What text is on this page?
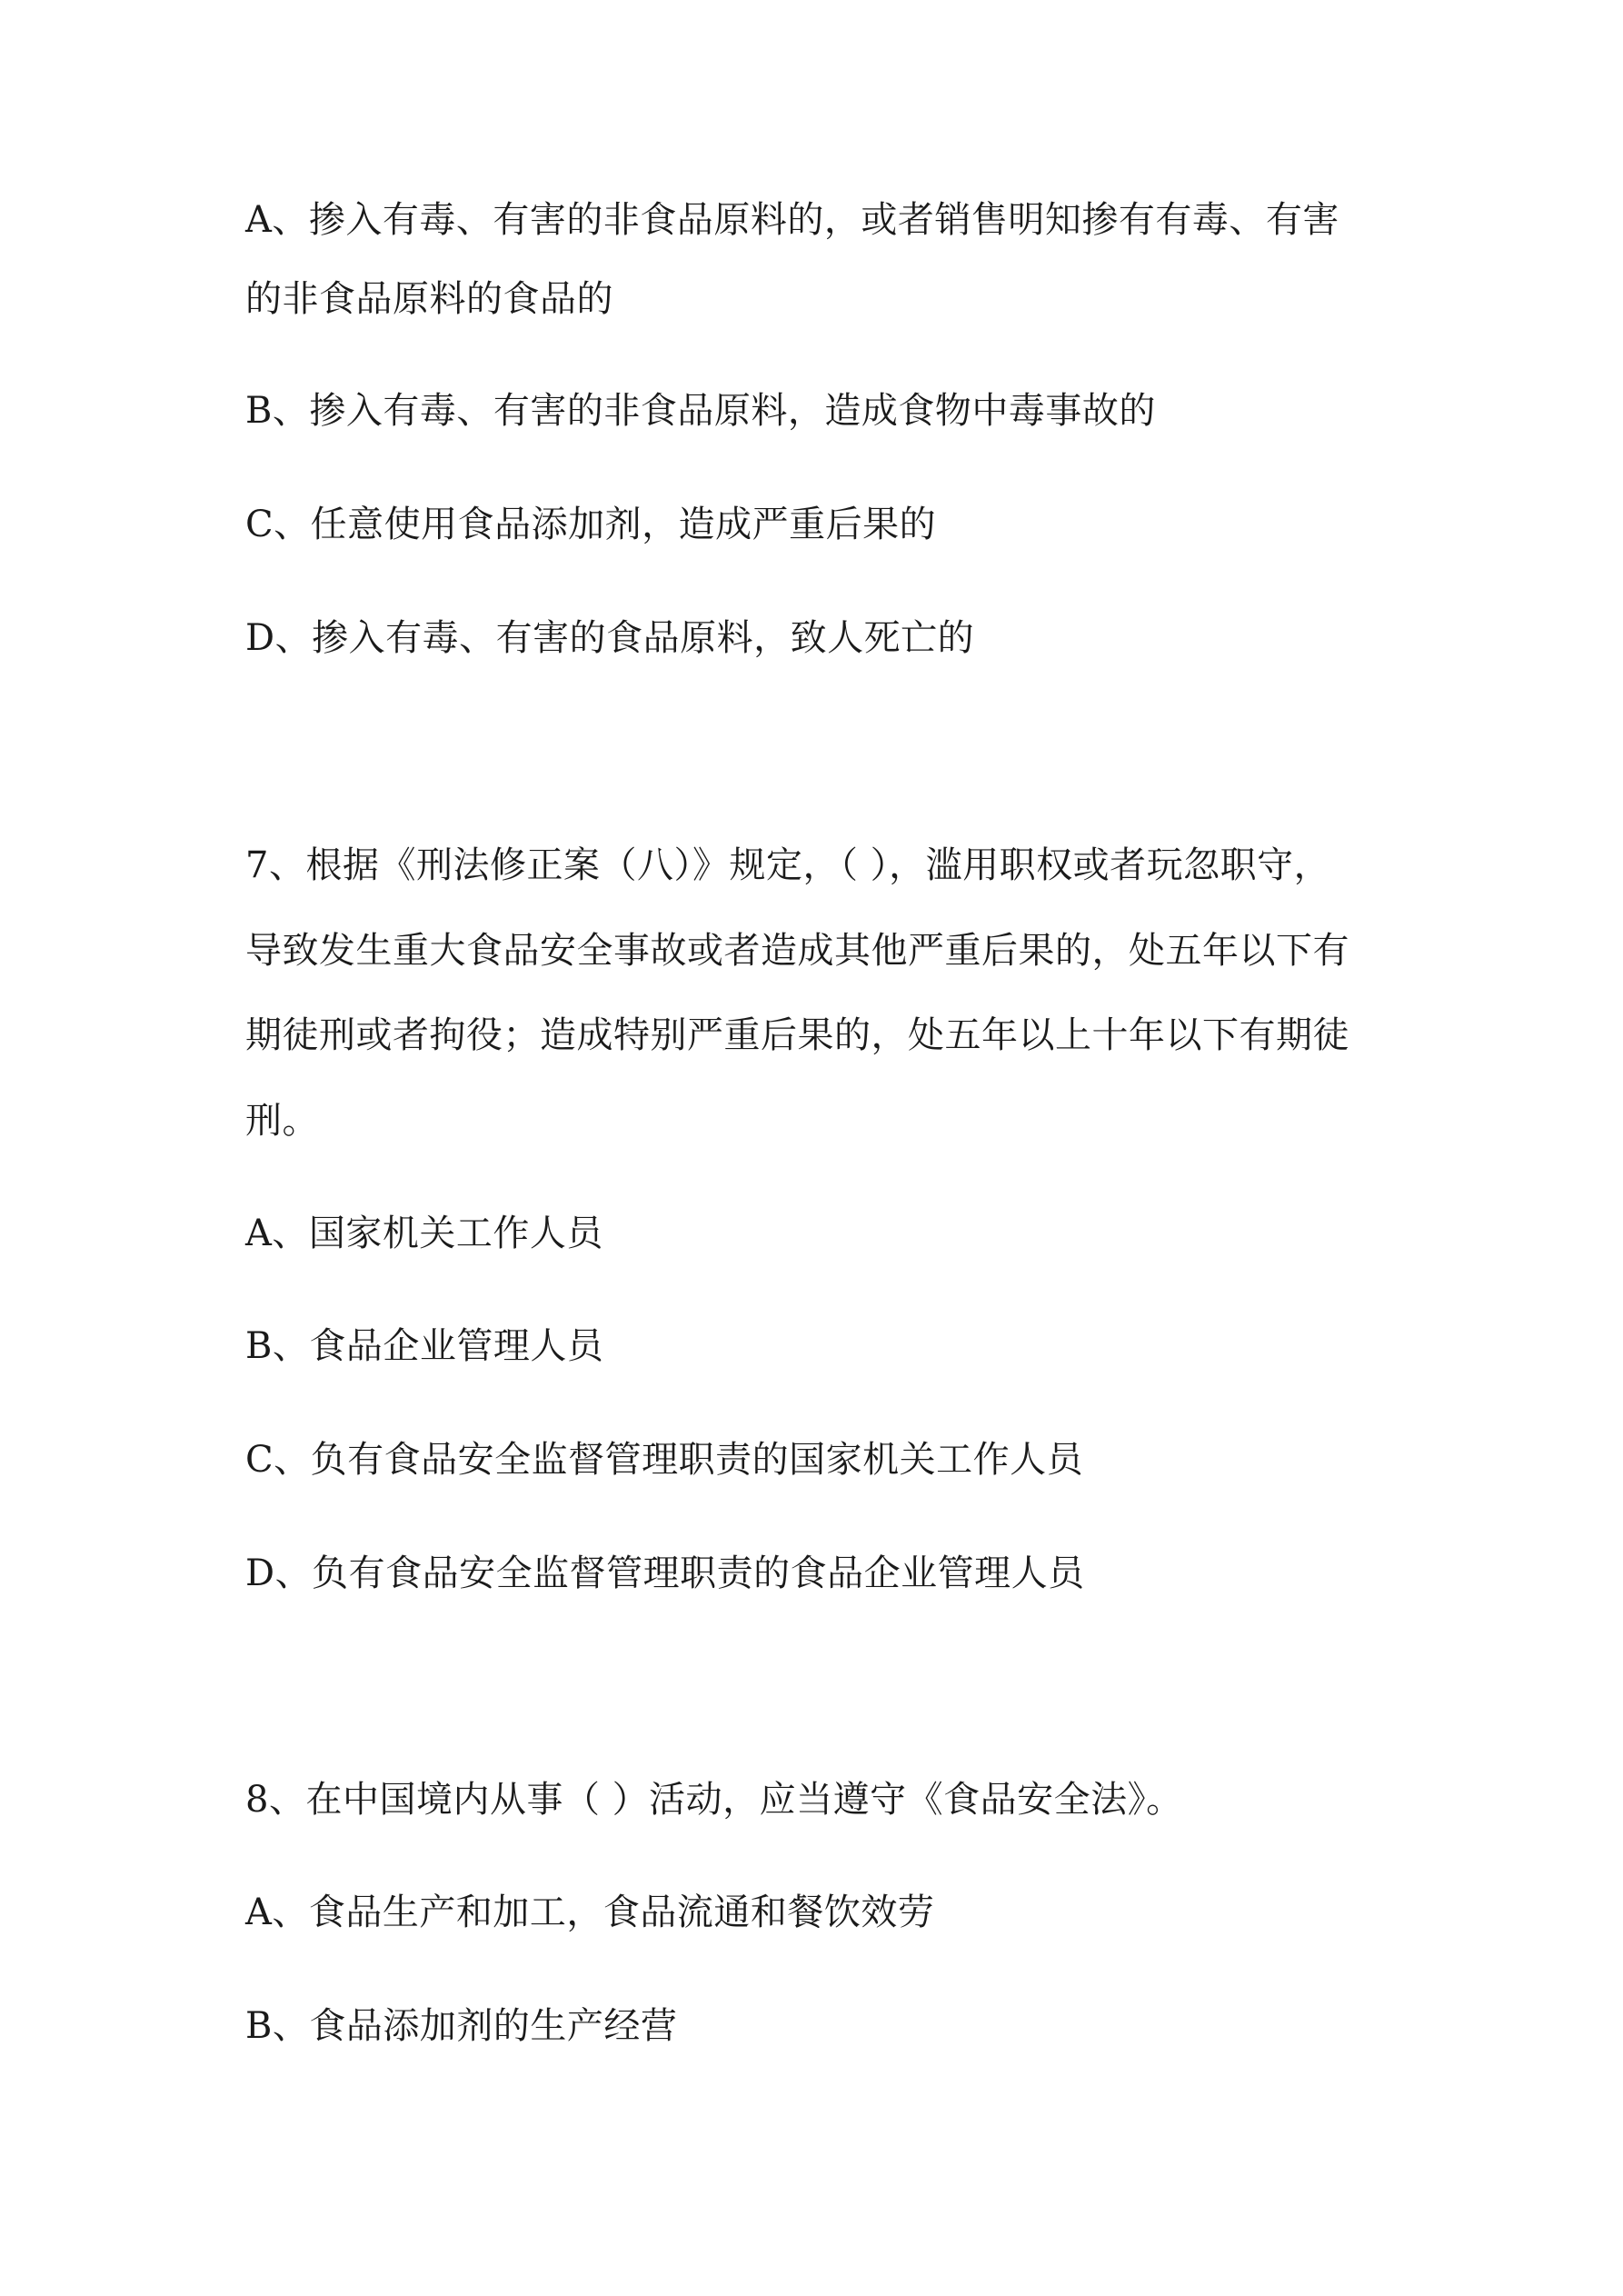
A、掺入有毒、有害的非食品原料的，或者销售明知掺有有毒、有害
的非食品原料的食品的
B、掺入有毒、有害的非食品原料，造成食物中毒事故的
C、任意使用食品添加剂，造成严重后果的
D、掺入有毒、有害的食品原料，致人死亡的
7、根据《刑法修正案（八）》规定，（ ），滥用职权或者玩忽职守，
导致发生重大食品安全事故或者造成其他严重后果的，处五年以下有
期徒刑或者拘役；造成特别严重后果的，处五年以上十年以下有期徒
刑。
A、国家机关工作人员
B、食品企业管理人员
C、负有食品安全监督管理职责的国家机关工作人员
D、负有食品安全监督管理职责的食品企业管理人员
8、在中国境内从事（ ）活动，应当遵守《食品安全法》。
A、食品生产和加工，食品流通和餐饮效劳
B、食品添加剂的生产经营
